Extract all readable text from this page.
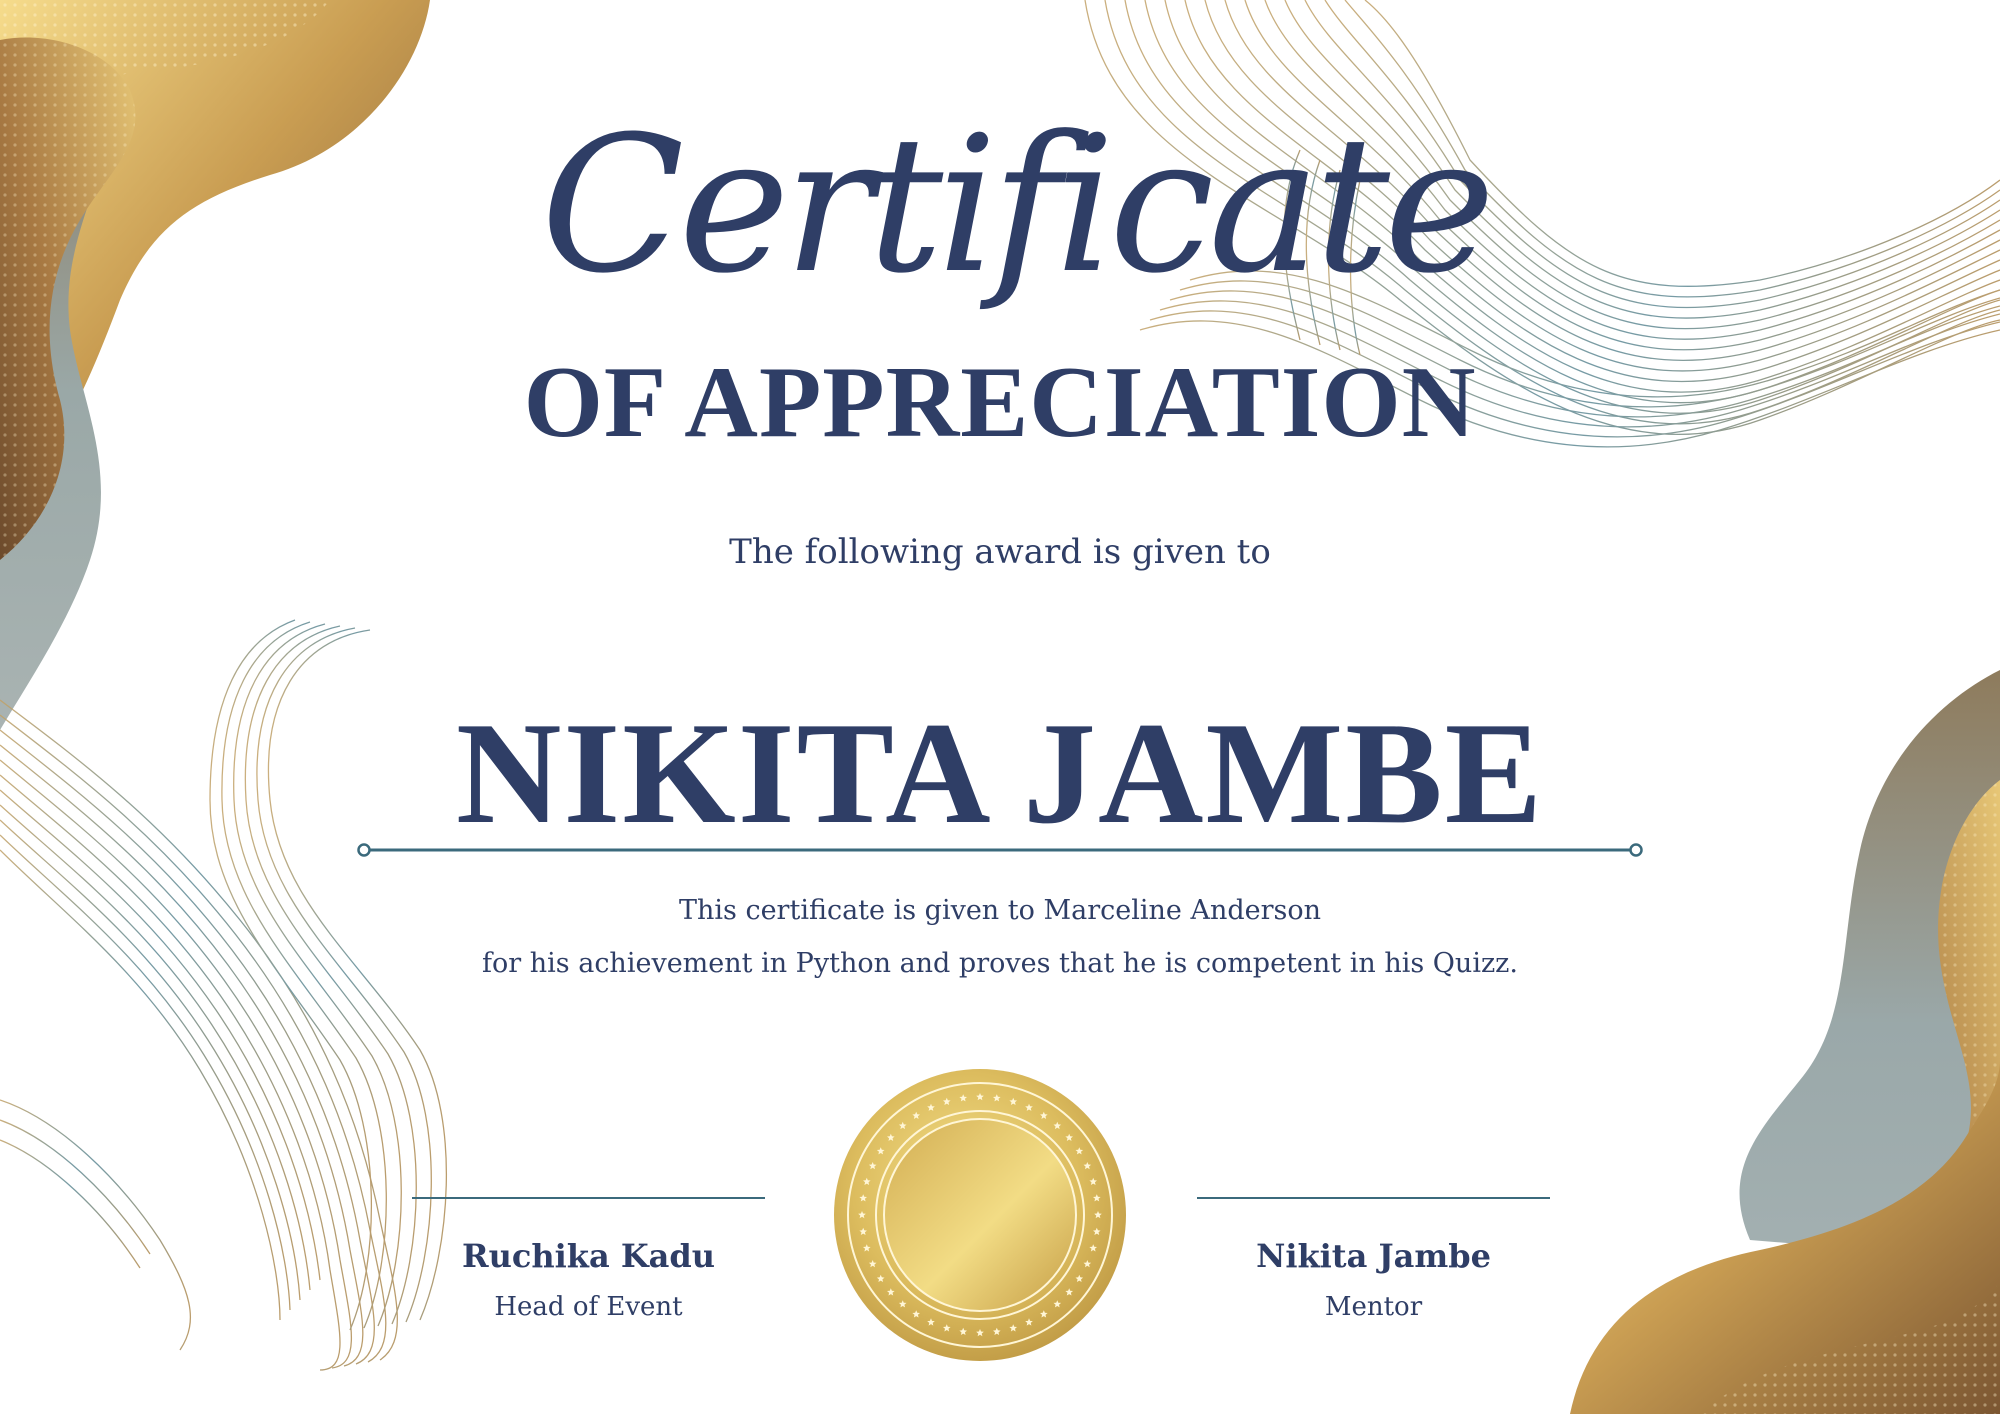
Certificate
OF APPRECIATION
The following award is given to
NIKITA JAMBE
This certificate is given to Marceline Anderson
for his achievement in Python and proves that he is competent in his Quizz.
Ruchika Kadu
Head of Event
Nikita Jambe
Mentor
